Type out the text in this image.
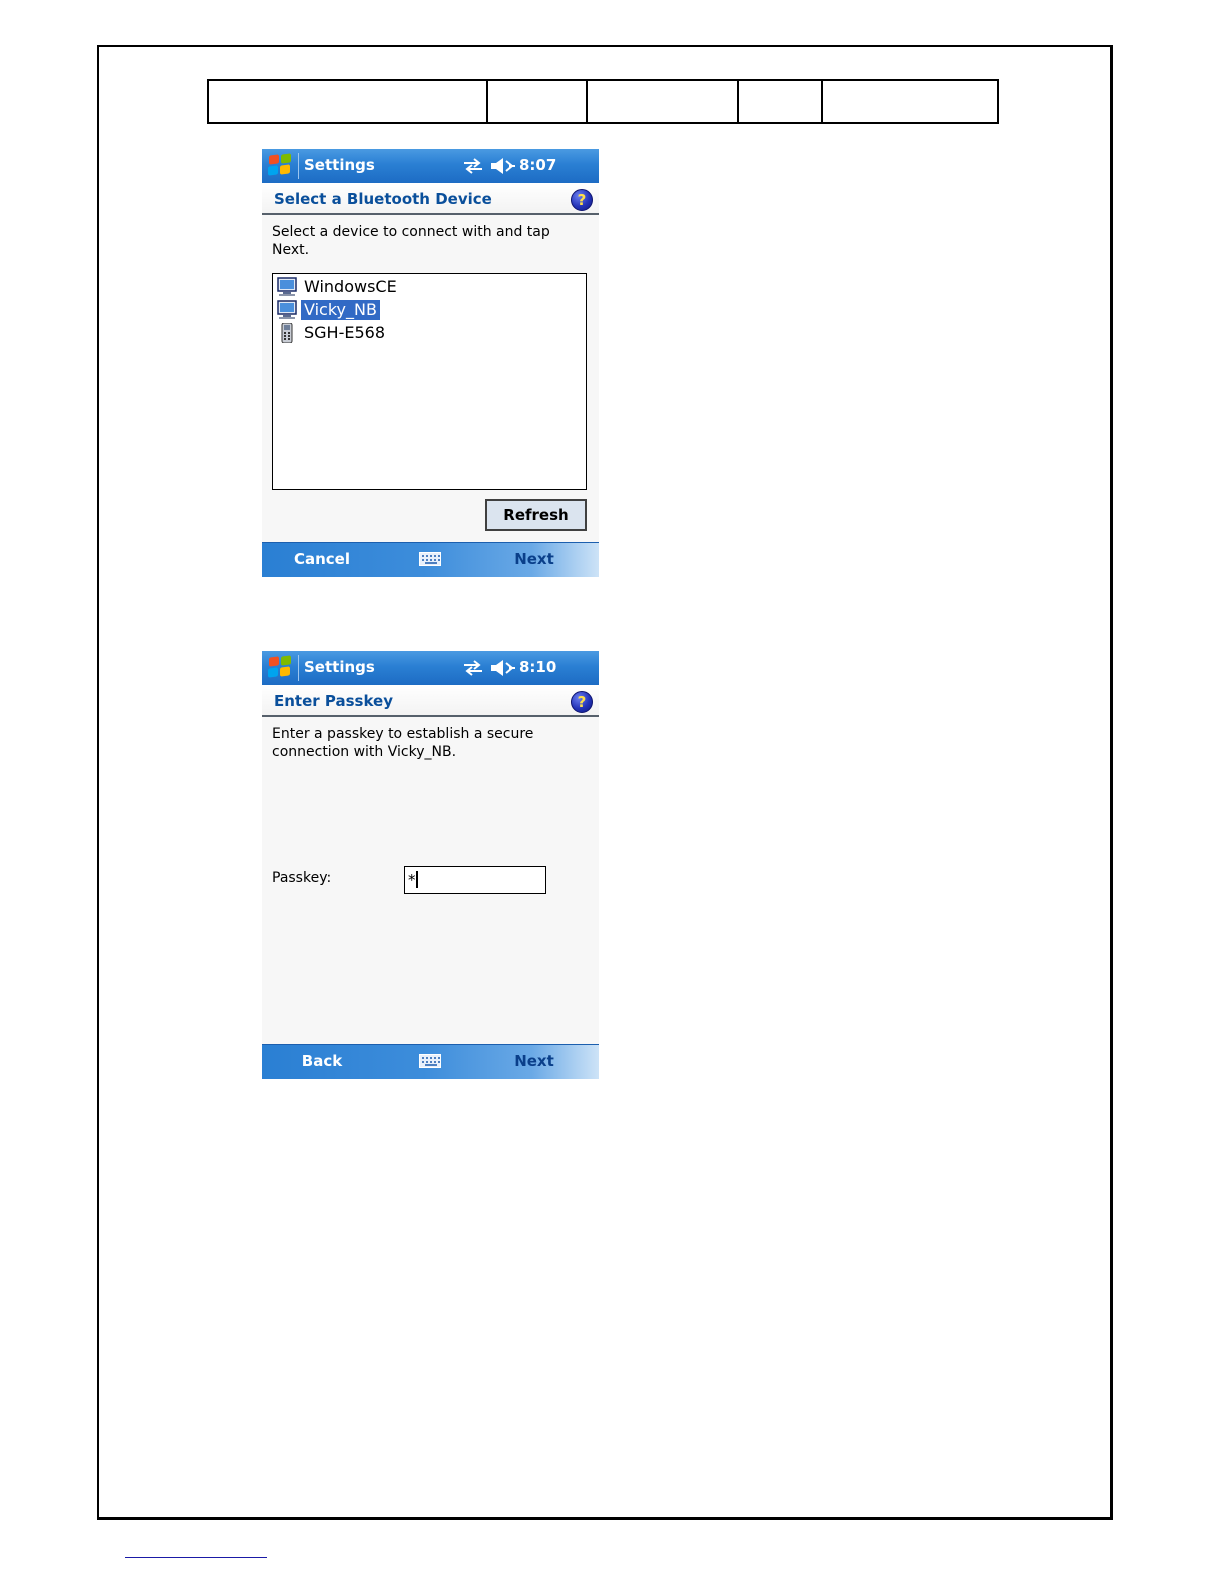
Settings	8:07
Select a Bluetooth Device	?
Select a device to connect with and tap Next.
WindowsCE
Vicky_NB
SGH-E568
Refresh
Cancel	Next
Settings	8:10
Enter Passkey	?
Enter a passkey to establish a secure connection with Vicky_NB.
Passkey:	*
Back	Next
